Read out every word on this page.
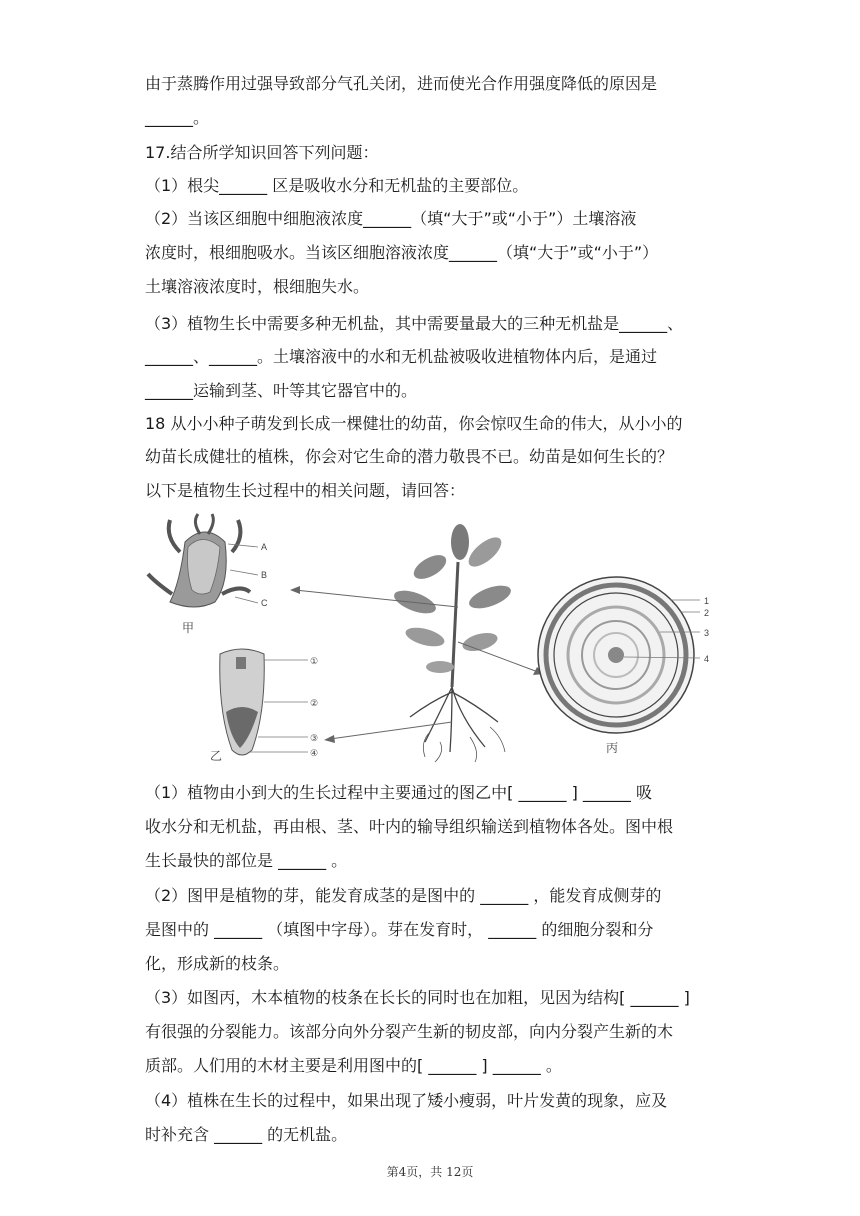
由于蒸腾作用过强导致部分气孔关闭，进而使光合作用强度降低的原因是
______。
17.结合所学知识回答下列问题：
（1）根尖______ 区是吸收水分和无机盐的主要部位。
（2）当该区细胞中细胞液浓度______（填“大于”或“小于”）土壤溶液
浓度时，根细胞吸水。当该区细胞溶液浓度______（填“大于”或“小于”）
土壤溶液浓度时，根细胞失水。
（3）植物生长中需要多种无机盐，其中需要量最大的三种无机盐是______、
______、______。土壤溶液中的水和无机盐被吸收进植物体内后，是通过
______运输到茎、叶等其它器官中的。
18 从小小种子萌发到长成一棵健壮的幼苗，你会惊叹生命的伟大，从小小的
幼苗长成健壮的植株，你会对它生命的潜力敬畏不已。幼苗是如何生长的？
以下是植物生长过程中的相关问题，请回答：
A
B
C
甲
①
②
③
④
乙
1
2
3
4
丙
（1）植物由小到大的生长过程中主要通过的图乙中[ ______ ] ______ 吸
收水分和无机盐，再由根、茎、叶内的输导组织输送到植物体各处。图中根
生长最快的部位是 ______ 。
（2）图甲是植物的芽，能发育成茎的是图中的 ______ ，能发育成侧芽的
是图中的 ______ （填图中字母）。芽在发育时， ______ 的细胞分裂和分
化，形成新的枝条。
（3）如图丙，木本植物的枝条在长长的同时也在加粗，见因为结构[ ______ ]
有很强的分裂能力。该部分向外分裂产生新的韧皮部，向内分裂产生新的木
质部。人们用的木材主要是利用图中的[ ______ ] ______ 。
（4）植株在生长的过程中，如果出现了矮小瘦弱，叶片发黄的现象，应及
时补充含 ______ 的无机盐。
第4页，共 12页
